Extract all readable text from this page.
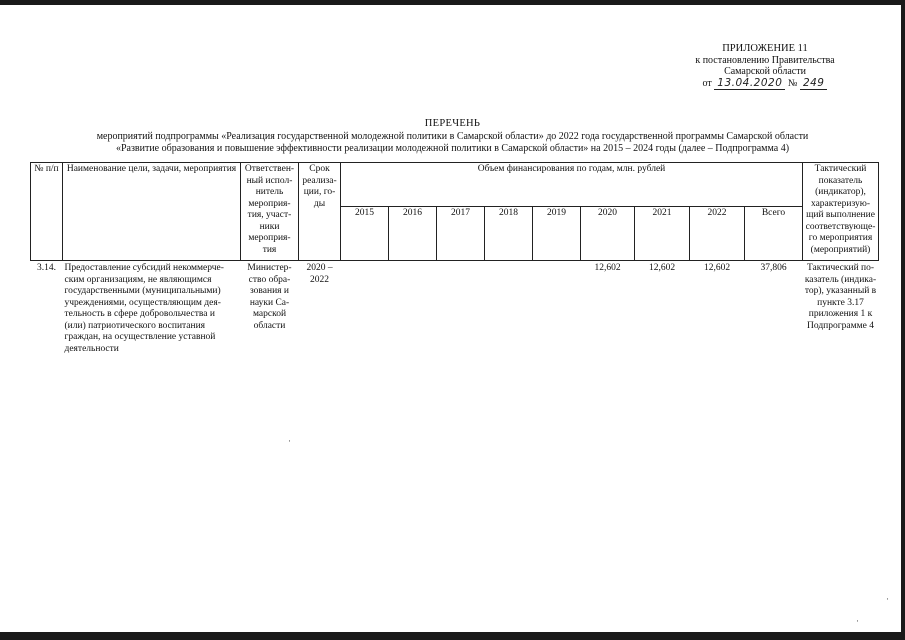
ПРИЛОЖЕНИЕ 11
к постановлению Правительства
Самарской области
от 13.04.2020 № 249
ПЕРЕЧЕНЬ
мероприятий подпрограммы «Реализация государственной молодежной политики в Самарской области» до 2022 года государственной программы Самарской области
«Развитие образования и повышение эффективности реализации молодежной политики в Самарской области» на 2015 – 2024 годы (далее – Подпрограмма 4)
№ п/п	Наименование цели, задачи, мероприятия	Ответствен-ный испол-нитель мероприя-тия, участ-ники мероприя-тия	Срок реализа-ции, го-ды	Объем финансирования по годам, млн. рублей									Тактический показатель (индикатор), характеризую-щий выполнение соответствующе-го мероприятия (мероприятий)
				2015	2016	2017	2018	2019	2020	2021	2022	Всего	
3.14.	Предоставление субсидий некоммерче-ским организациям, не являющимся государственными (муниципальными) учреждениями, осуществляющим дея-тельность в сфере добровольчества и (или) патриотического воспитания граждан, на осуществление уставной деятельности	Министер-ство обра-зования и науки Са-марской области	2020 – 2022						12,602	12,602	12,602	37,806	Тактический по-казатель (индика-тор), указанный в пункте 3.17 приложения 1 к Подпрограмме 4
·
·
·
